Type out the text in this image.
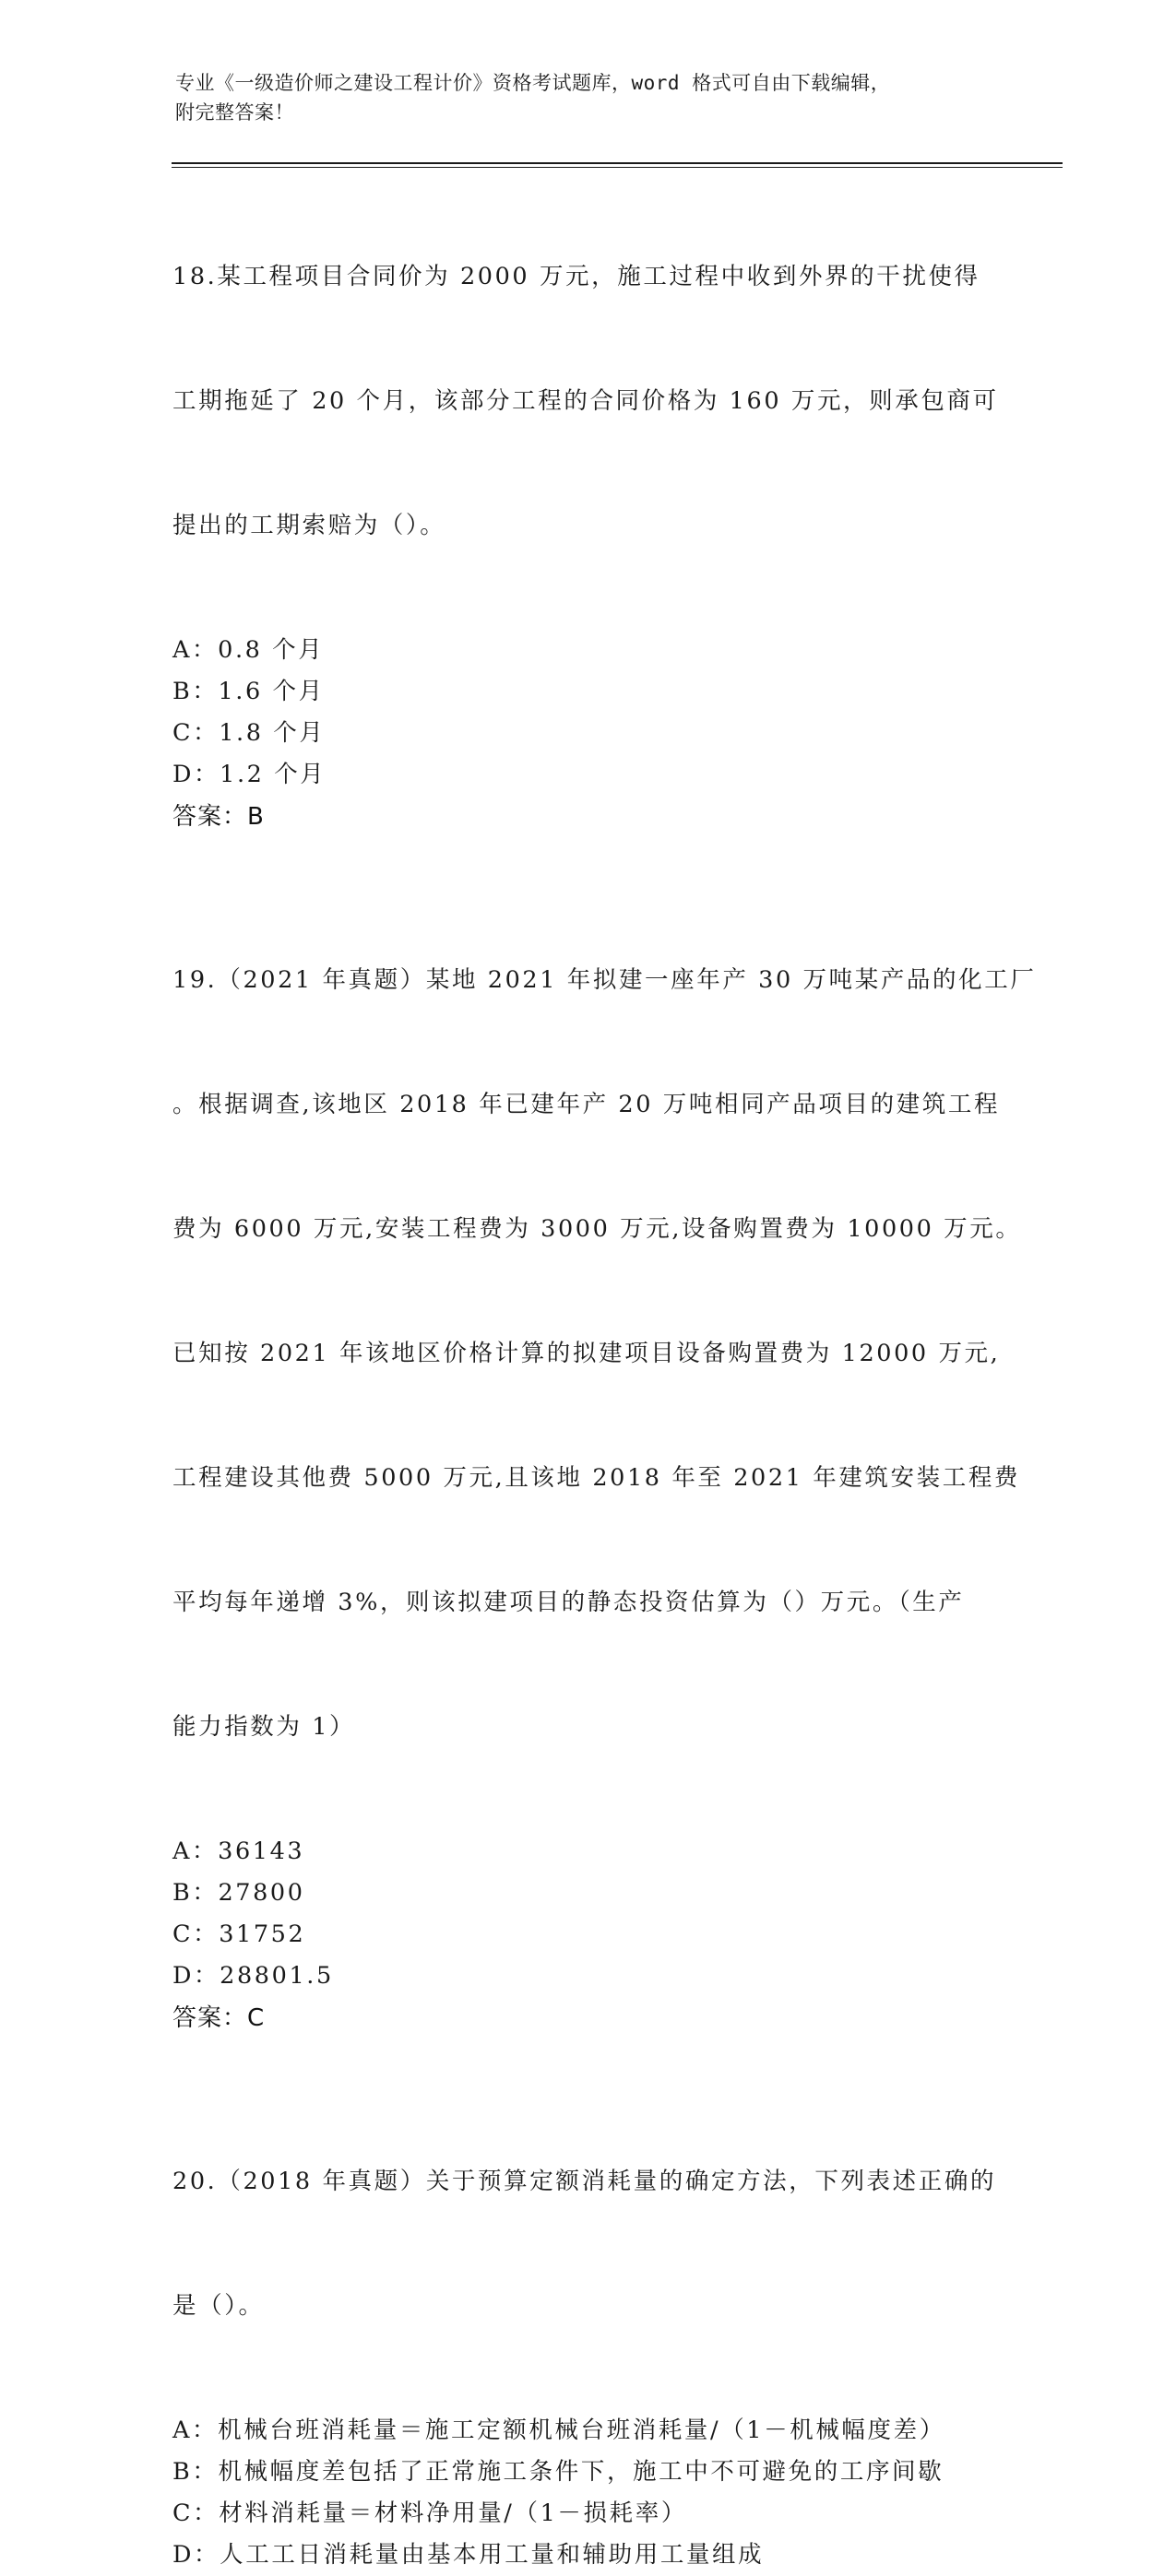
专业《一级造价师之建设工程计价》资格考试题库，word 格式可自由下载编辑，
附完整答案！

18.某工程项目合同价为 2000 万元，施工过程中收到外界的干扰使得

工期拖延了 20 个月，该部分工程的合同价格为 160 万元，则承包商可

提出的工期索赔为（）。

A：0.8 个月
B：1.6 个月
C：1.8 个月
D：1.2 个月
答案：B

19.（2021 年真题）某地 2021 年拟建一座年产 30 万吨某产品的化工厂

。根据调查,该地区 2018 年已建年产 20 万吨相同产品项目的建筑工程

费为 6000 万元,安装工程费为 3000 万元,设备购置费为 10000 万元。

已知按 2021 年该地区价格计算的拟建项目设备购置费为 12000 万元,

工程建设其他费 5000 万元,且该地 2018 年至 2021 年建筑安装工程费

平均每年递增 3%，则该拟建项目的静态投资估算为（）万元。（生产

能力指数为 1）

A：36143
B：27800
C：31752
D：28801.5
答案：C

20.（2018 年真题）关于预算定额消耗量的确定方法，下列表述正确的

是（）。

A：机械台班消耗量＝施工定额机械台班消耗量/（1－机械幅度差）
B：机械幅度差包括了正常施工条件下，施工中不可避免的工序间歇
C：材料消耗量＝材料净用量/（1－损耗率）
D：人工工日消耗量由基本用工量和辅助用工量组成
